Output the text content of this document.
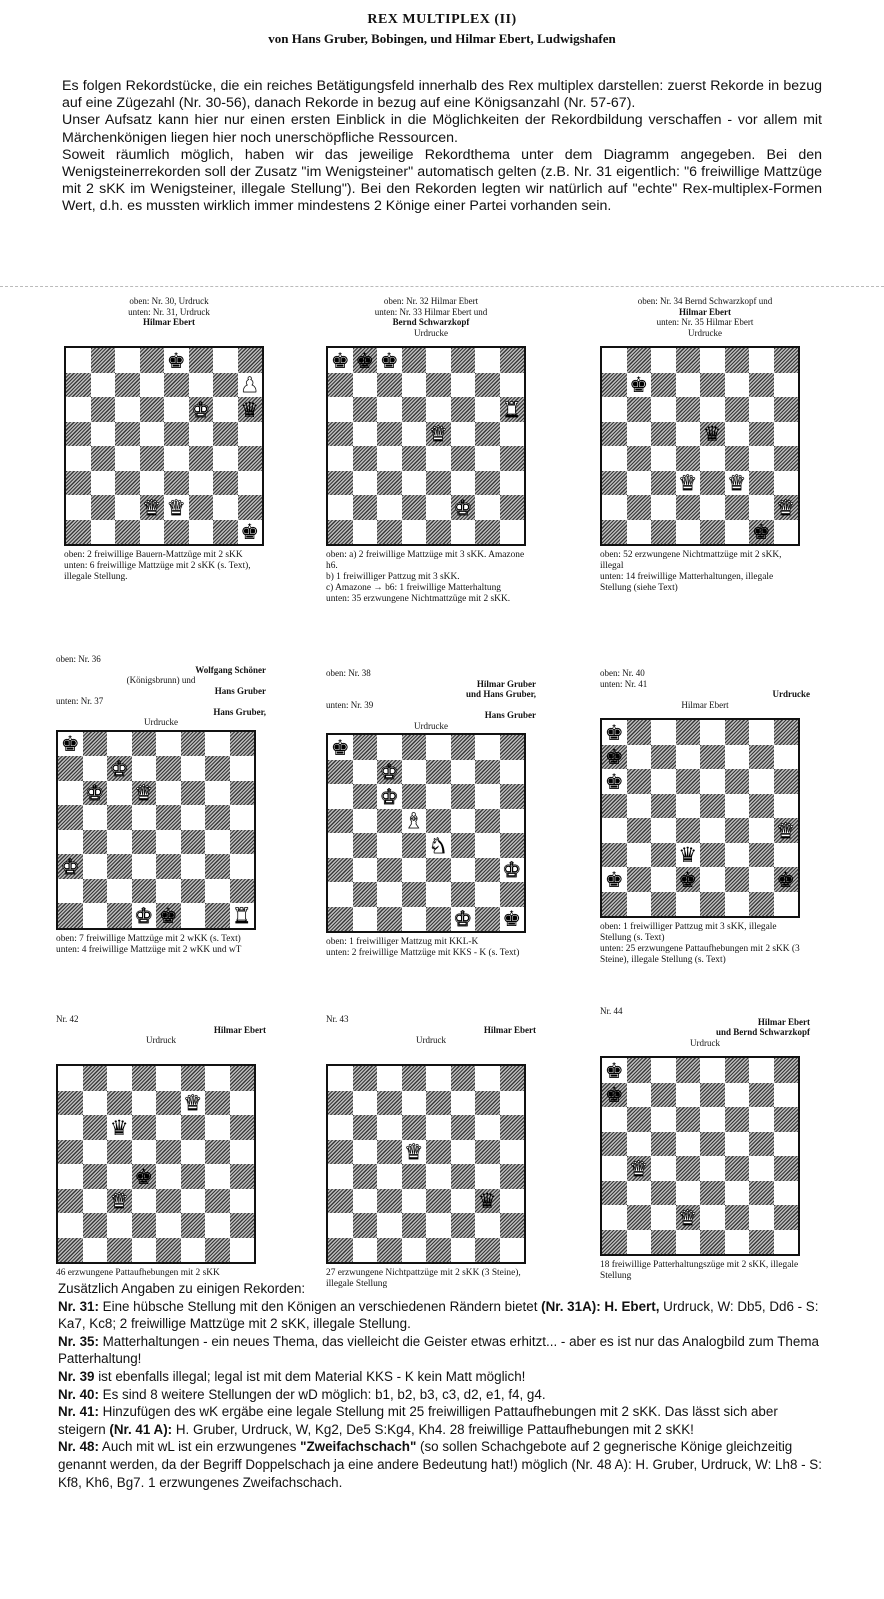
REX MULTIPLEX (II)
von Hans Gruber, Bobingen, und Hilmar Ebert, Ludwigshafen

Es folgen Rekordstücke, die ein reiches Betätigungsfeld innerhalb des Rex multiplex darstellen: zuerst Rekorde in bezug auf eine Zügezahl (Nr. 30-56), danach Rekorde in bezug auf eine Königsanzahl (Nr. 57-67).

Unser Aufsatz kann hier nur einen ersten Einblick in die Möglichkeiten der Rekordbildung verschaffen - vor allem mit Märchenkönigen liegen hier noch unerschöpfliche Ressourcen.

Soweit räumlich möglich, haben wir das jeweilige Rekordthema unter dem Diagramm angegeben. Bei den Wenigsteinerrekorden soll der Zusatz "im Wenigsteiner" automatisch gelten (z.B. Nr. 31 eigentlich: "6 freiwillige Mattzüge mit 2 sKK im Wenigsteiner, illegale Stellung"). Bei den Rekorden legten wir natürlich auf "echte" Rex-multiplex-Formen Wert, d.h. es mussten wirklich immer mindestens 2 Könige einer Partei vorhanden sein.

oben: Nr. 30, Urdruck
unten: Nr. 31, Urdruck
Hilmar Ebert
♚
♟
♚ ♛
♛ ♛
♚

oben: 2 freiwillige Bauern-Mattzüge mit 2 sKK

unten: 6 freiwillige Mattzüge mit 2 sKK (s. Text), illegale Stellung.

oben: Nr. 32 Hilmar Ebert
unten: Nr. 33 Hilmar Ebert und
Bernd Schwarzkopf
Urdrucke
♚ ♚ ♚
♜
♛
♚

oben: a) 2 freiwillige Mattzüge mit 3 sKK. Amazone h6.

b) 1 freiwilliger Pattzug mit 3 sKK.

c) Amazone → b6: 1 freiwillige Matterhaltung

unten: 35 erzwungene Nichtmattzüge mit 2 sKK.

oben: Nr. 34 Bernd Schwarzkopf und
Hilmar Ebert
unten: Nr. 35 Hilmar Ebert
Urdrucke
♚
♛
♛ ♛
♛
♚

oben: 52 erzwungene Nichtmattzüge mit 2 sKK, illegal

unten: 14 freiwillige Matterhaltungen, illegale Stellung (siehe Text)

oben: Nr. 36
Wolfgang Schöner
(Königsbrunn) und
Hans Gruber
unten: Nr. 37
Hans Gruber,
Urdrucke
♚
♚
♚ ♛
♚
♚ ♚	♜

oben: 7 freiwillige Mattzüge mit 2 wKK (s. Text)

unten: 4 freiwillige Mattzüge mit 2 wKK und wT

oben: Nr. 38
Hilmar Gruber
und Hans Gruber,
unten: Nr. 39
Hans Gruber
Urdrucke
♚
♚
♚
♝
♞
♚
♚ ♚

oben: 1 freiwilliger Mattzug mit KKL-K

unten: 2 freiwillige Mattzüge mit KKS - K (s. Text)

oben: Nr. 40
unten: Nr. 41
Urdrucke
Hilmar Ebert
♚
♚
♚
♛
♛
♚	♚	♚

oben: 1 freiwilliger Pattzug mit 3 sKK, illegale Stellung (s. Text)

unten: 25 erzwungene Pattaufhebungen mit 2 sKK (3 Steine), illegale Stellung (s. Text)

Nr. 42
Hilmar Ebert
Urdruck
♛
♛
♚
♛

46 erzwungene Pattaufhebungen mit 2 sKK

Nr. 43
Hilmar Ebert
Urdruck
♛
♛

27 erzwungene Nichtpattzüge mit 2 sKK (3 Steine), illegale Stellung

Nr. 44
Hilmar Ebert
und Bernd Schwarzkopf
Urdruck
♚
♚
♛
♛

18 freiwillige Patterhaltungszüge mit 2 sKK, illegale Stellung

Zusätzlich Angaben zu einigen Rekorden:

Nr. 31: Eine hübsche Stellung mit den Königen an verschiedenen Rändern bietet (Nr. 31A): H. Ebert, Urdruck, W: Db5, Dd6 - S: Ka7, Kc8; 2 freiwillige Mattzüge mit 2 sKK, illegale Stellung.

Nr. 35: Matterhaltungen - ein neues Thema, das vielleicht die Geister etwas erhitzt... - aber es ist nur das Analogbild zum Thema Patterhaltung!

Nr. 39 ist ebenfalls illegal; legal ist mit dem Material KKS - K kein Matt möglich!

Nr. 40: Es sind 8 weitere Stellungen der wD möglich: b1, b2, b3, c3, d2, e1, f4, g4.

Nr. 41: Hinzufügen des wK ergäbe eine legale Stellung mit 25 freiwilligen Pattaufhebungen mit 2 sKK. Das lässt sich aber steigern (Nr. 41 A): H. Gruber, Urdruck, W, Kg2, De5 S:Kg4, Kh4. 28 freiwillige Pattaufhebungen mit 2 sKK!

Nr. 48: Auch mit wL ist ein erzwungenes "Zweifachschach" (so sollen Schachgebote auf 2 gegnerische Könige gleichzeitig genannt werden, da der Begriff Doppelschach ja eine andere Bedeutung hat!) möglich (Nr. 48 A): H. Gruber, Urdruck, W: Lh8 - S: Kf8, Kh6, Bg7. 1 erzwungenes Zweifachschach.
